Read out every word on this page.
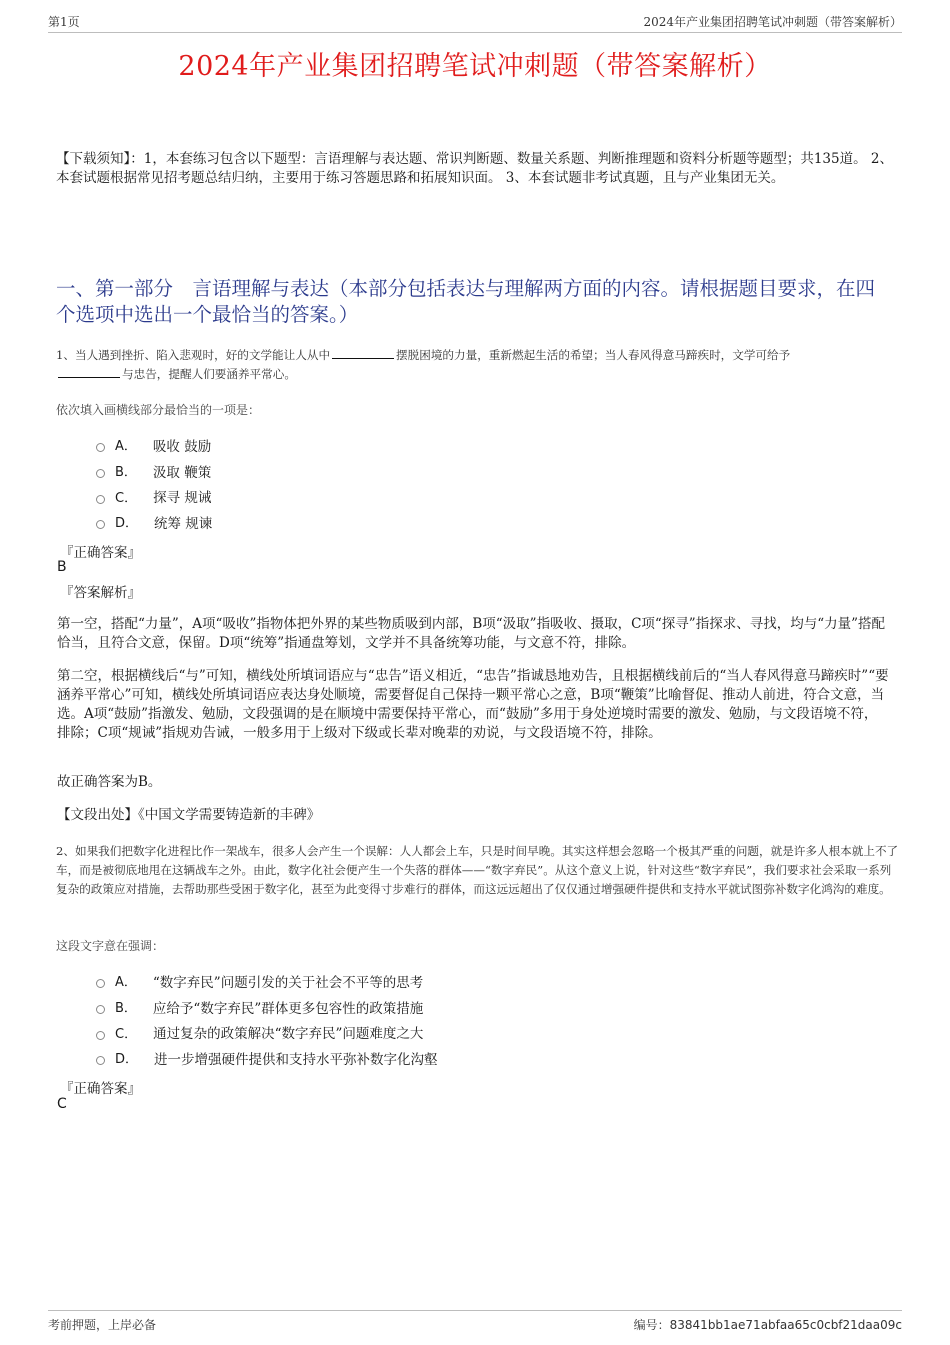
第1页	2024年产业集团招聘笔试冲刺题（带答案解析）
2024年产业集团招聘笔试冲刺题（带答案解析）
【下载须知】：1，本套练习包含以下题型：言语理解与表达题、常识判断题、数量关系题、判断推理题和资料分析题等题型；共135道。 2、本套试题根据常见招考题总结归纳，主要用于练习答题思路和拓展知识面。 3、本套试题非考试真题，且与产业集团无关。
一、第一部分　言语理解与表达（本部分包括表达与理解两方面的内容。请根据题目要求，在四个选项中选出一个最恰当的答案。）
1、当人遇到挫折、陷入悲观时，好的文学能让人从中	摆脱困境的力量，重新燃起生活的希望；当人春风得意马蹄疾时，文学可给予
与忠告，提醒人们要涵养平常心。
依次填入画横线部分最恰当的一项是：
A． 吸收 鼓励
B． 汲取 鞭策
C． 探寻 规诫
D． 统筹 规谏
『正确答案』
B
『答案解析』
第一空，搭配“力量”，A项“吸收”指物体把外界的某些物质吸到内部，B项“汲取”指吸收、摄取，C项“探寻”指探求、寻找，均与“力量”搭配恰当，且符合文意，保留。D项“统筹”指通盘筹划，文学并不具备统筹功能，与文意不符，排除。
第二空，根据横线后“与”可知，横线处所填词语应与“忠告”语义相近，“忠告”指诚恳地劝告，且根据横线前后的“当人春风得意马蹄疾时”“要涵养平常心”可知，横线处所填词语应表达身处顺境，需要督促自己保持一颗平常心之意，B项“鞭策”比喻督促、推动人前进，符合文意，当选。A项“鼓励”指激发、勉励，文段强调的是在顺境中需要保持平常心，而“鼓励”多用于身处逆境时需要的激发、勉励，与文段语境不符，排除；C项“规诫”指规劝告诫，一般多用于上级对下级或长辈对晚辈的劝说，与文段语境不符，排除。
故正确答案为B。
【文段出处】《中国文学需要铸造新的丰碑》
2、如果我们把数字化进程比作一架战车，很多人会产生一个误解：人人都会上车，只是时间早晚。其实这样想会忽略一个极其严重的问题，就是许多人根本就上不了车，而是被彻底地甩在这辆战车之外。由此，数字化社会便产生一个失落的群体——“数字弃民”。从这个意义上说，针对这些“数字弃民”，我们要求社会采取一系列复杂的政策应对措施，去帮助那些受困于数字化，甚至为此变得寸步难行的群体，而这远远超出了仅仅通过增强硬件提供和支持水平就试图弥补数字化鸿沟的难度。
这段文字意在强调：
A． “数字弃民”问题引发的关于社会不平等的思考
B． 应给予“数字弃民”群体更多包容性的政策措施
C． 通过复杂的政策解决“数字弃民”问题难度之大
D． 进一步增强硬件提供和支持水平弥补数字化沟壑
『正确答案』
C
考前押题，上岸必备	编号：83841bb1ae71abfaa65c0cbf21daa09c
